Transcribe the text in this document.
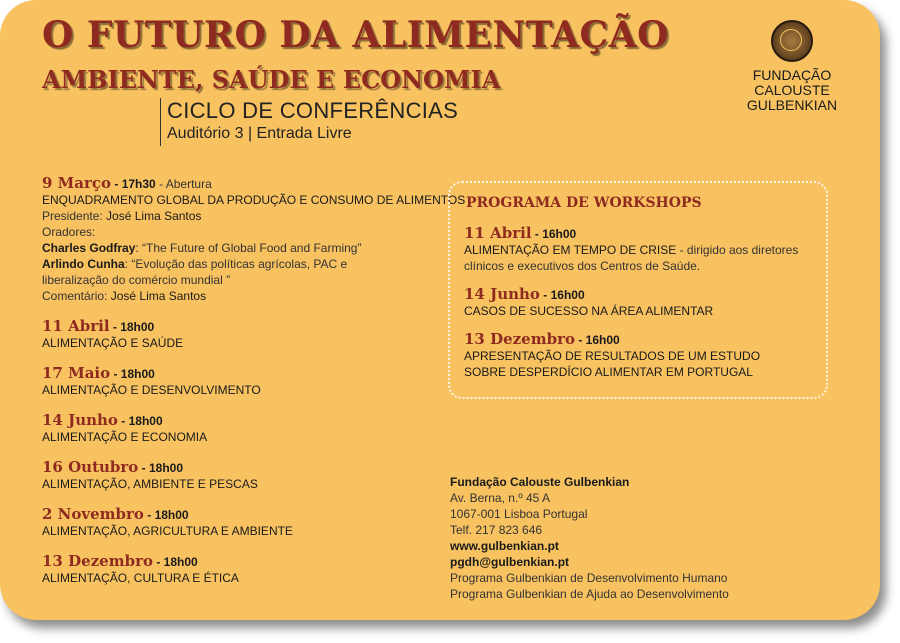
O FUTURO DA ALIMENTAÇÃO
AMBIENTE, SAÚDE E ECONOMIA
CICLO DE CONFERÊNCIAS
Auditório 3 | Entrada Livre
FUNDAÇÃO
CALOUSTE
GULBENKIAN
9 Março - 17h30 - Abertura
ENQUADRAMENTO GLOBAL DA PRODUÇÃO E CONSUMO DE ALIMENTOS
Presidente: José Lima Santos
Oradores:
Charles Godfray: “The Future of Global Food and Farming”
Arlindo Cunha: “Evolução das políticas agrícolas, PAC e liberalização do comércio mundial ”
Comentário: José Lima Santos
11 Abril - 18h00
ALIMENTAÇÃO E SAÚDE
17 Maio - 18h00
ALIMENTAÇÃO E DESENVOLVIMENTO
14 Junho - 18h00
ALIMENTAÇÃO E ECONOMIA
16 Outubro - 18h00
ALIMENTAÇÃO, AMBIENTE E PESCAS
2 Novembro - 18h00
ALIMENTAÇÃO, AGRICULTURA E AMBIENTE
13 Dezembro - 18h00
ALIMENTAÇÃO, CULTURA E ÉTICA
PROGRAMA DE WORKSHOPS
11 Abril - 16h00
ALIMENTAÇÃO EM TEMPO DE CRISE - dirigido aos diretores clínicos e executivos dos Centros de Saúde.
14 Junho - 16h00
CASOS DE SUCESSO NA ÁREA ALIMENTAR
13 Dezembro - 16h00
APRESENTAÇÃO DE RESULTADOS DE UM ESTUDO SOBRE DESPERDÍCIO ALIMENTAR EM PORTUGAL
Fundação Calouste Gulbenkian
Av. Berna, n.º 45 A
1067-001 Lisboa Portugal
Telf. 217 823 646
www.gulbenkian.pt
pgdh@gulbenkian.pt
Programa Gulbenkian de Desenvolvimento Humano
Programa Gulbenkian de Ajuda ao Desenvolvimento
